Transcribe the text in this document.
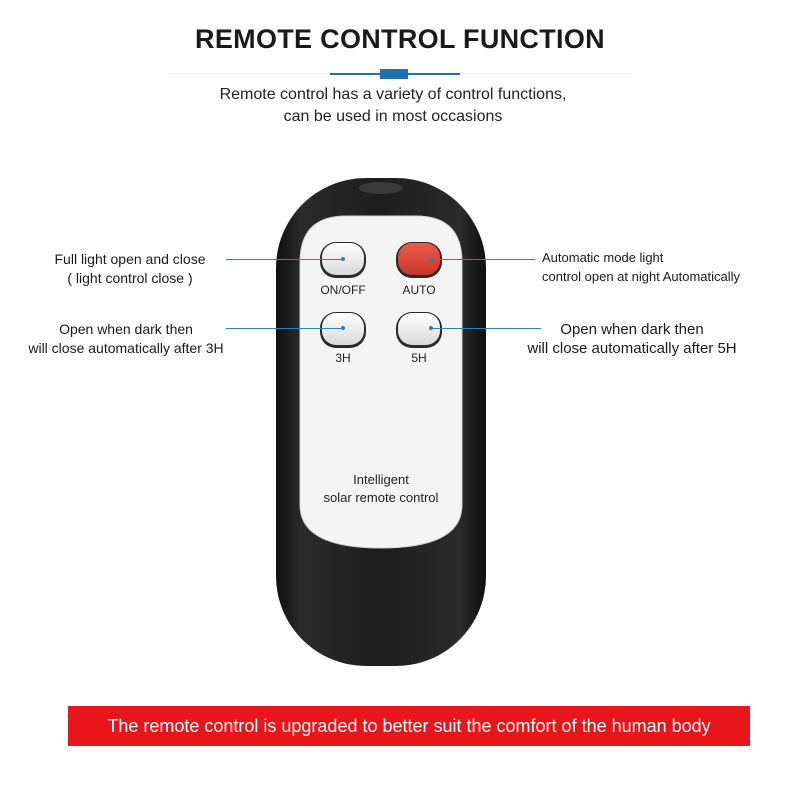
REMOTE CONTROL FUNCTION
Remote control has a variety of control functions,
can be used in most occasions
ON/OFF	AUTO
3H	5H
Intelligent
solar remote control
Full light open and close
( light control close )
Open when dark then
will close automatically after 3H
Automatic mode light
control open at night Automatically
Open when dark then
will close automatically after 5H
The remote control is upgraded to better suit the comfort of the human body
